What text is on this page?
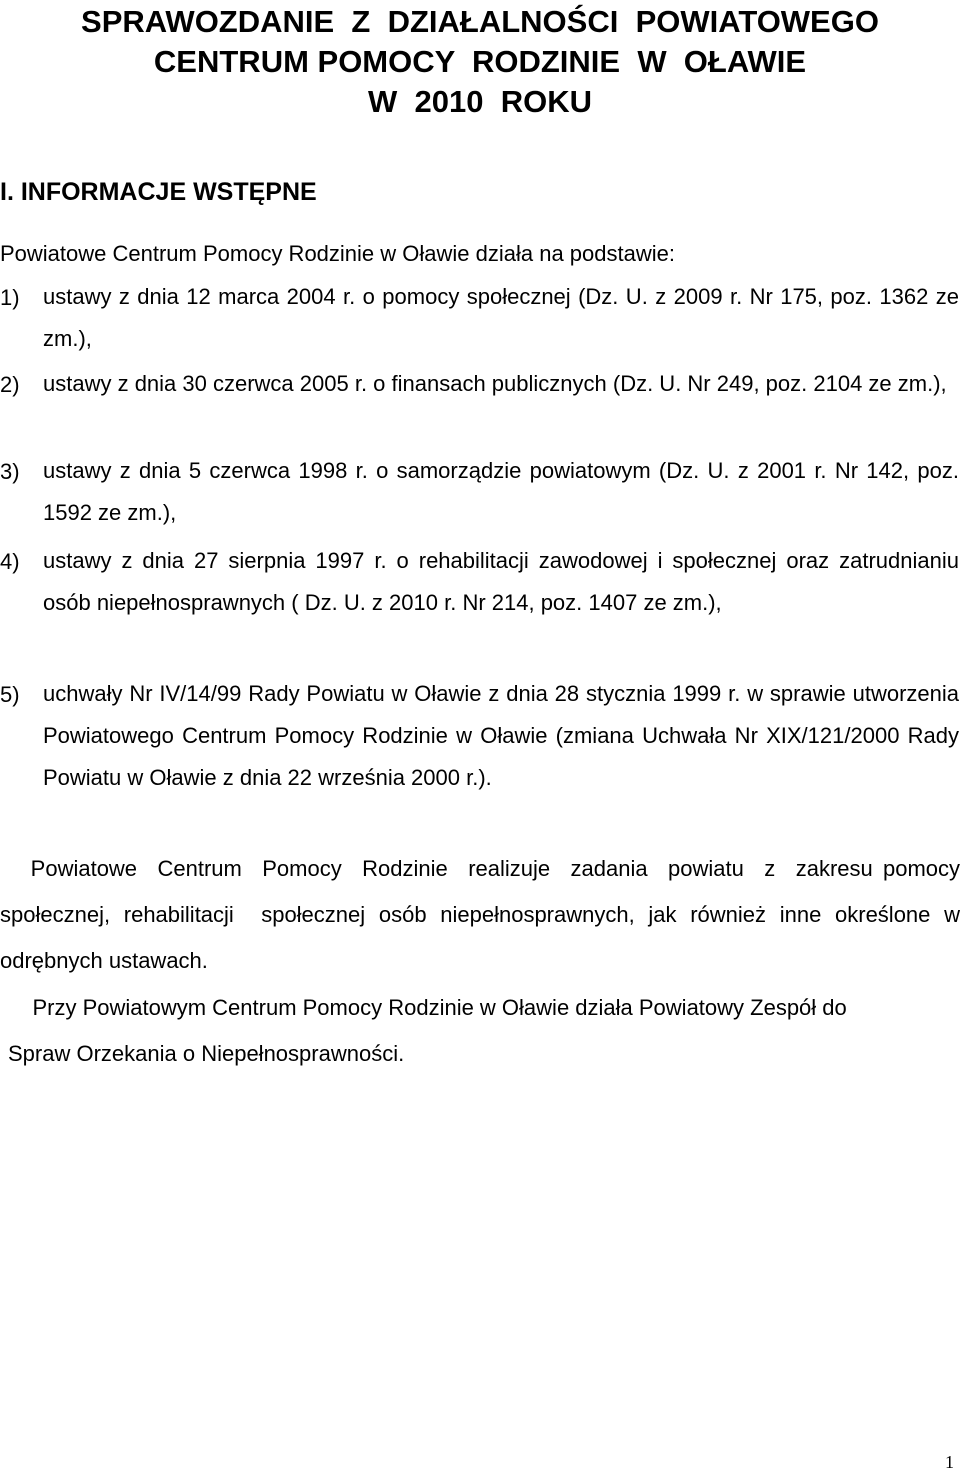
SPRAWOZDANIE  Z  DZIAŁALNOŚCI  POWIATOWEGO
CENTRUM POMOCY  RODZINIE  W  OŁAWIE
W  2010  ROKU
I. INFORMACJE WSTĘPNE
Powiatowe Centrum Pomocy Rodzinie w Oławie działa na podstawie:
1) ustawy z dnia 12 marca 2004 r. o pomocy społecznej (Dz. U. z 2009 r. Nr 175, poz. 1362 ze zm.),
2) ustawy z dnia 30 czerwca 2005 r. o finansach publicznych (Dz. U. Nr 249, poz. 2104 ze zm.),
3) ustawy z dnia 5 czerwca 1998 r. o samorządzie powiatowym (Dz. U. z 2001 r. Nr 142, poz. 1592 ze zm.),
4) ustawy z dnia 27 sierpnia 1997 r. o rehabilitacji zawodowej i społecznej oraz zatrudnianiu osób niepełnosprawnych ( Dz. U. z 2010 r. Nr 214, poz. 1407 ze zm.),
5) uchwały Nr IV/14/99 Rady Powiatu w Oławie z dnia 28 stycznia 1999 r. w sprawie utworzenia Powiatowego Centrum Pomocy Rodzinie w Oławie (zmiana Uchwała Nr XIX/121/2000 Rady Powiatu w Oławie z dnia 22 września 2000 r.).
Powiatowe  Centrum  Pomocy  Rodzinie  realizuje  zadania  powiatu  z  zakresu pomocy    społecznej, rehabilitacji  społecznej osób niepełnosprawnych, jak również inne określone w odrębnych ustawach.
Przy Powiatowym Centrum Pomocy Rodzinie w Oławie działa Powiatowy Zespół do Spraw Orzekania o Niepełnosprawności.
1
